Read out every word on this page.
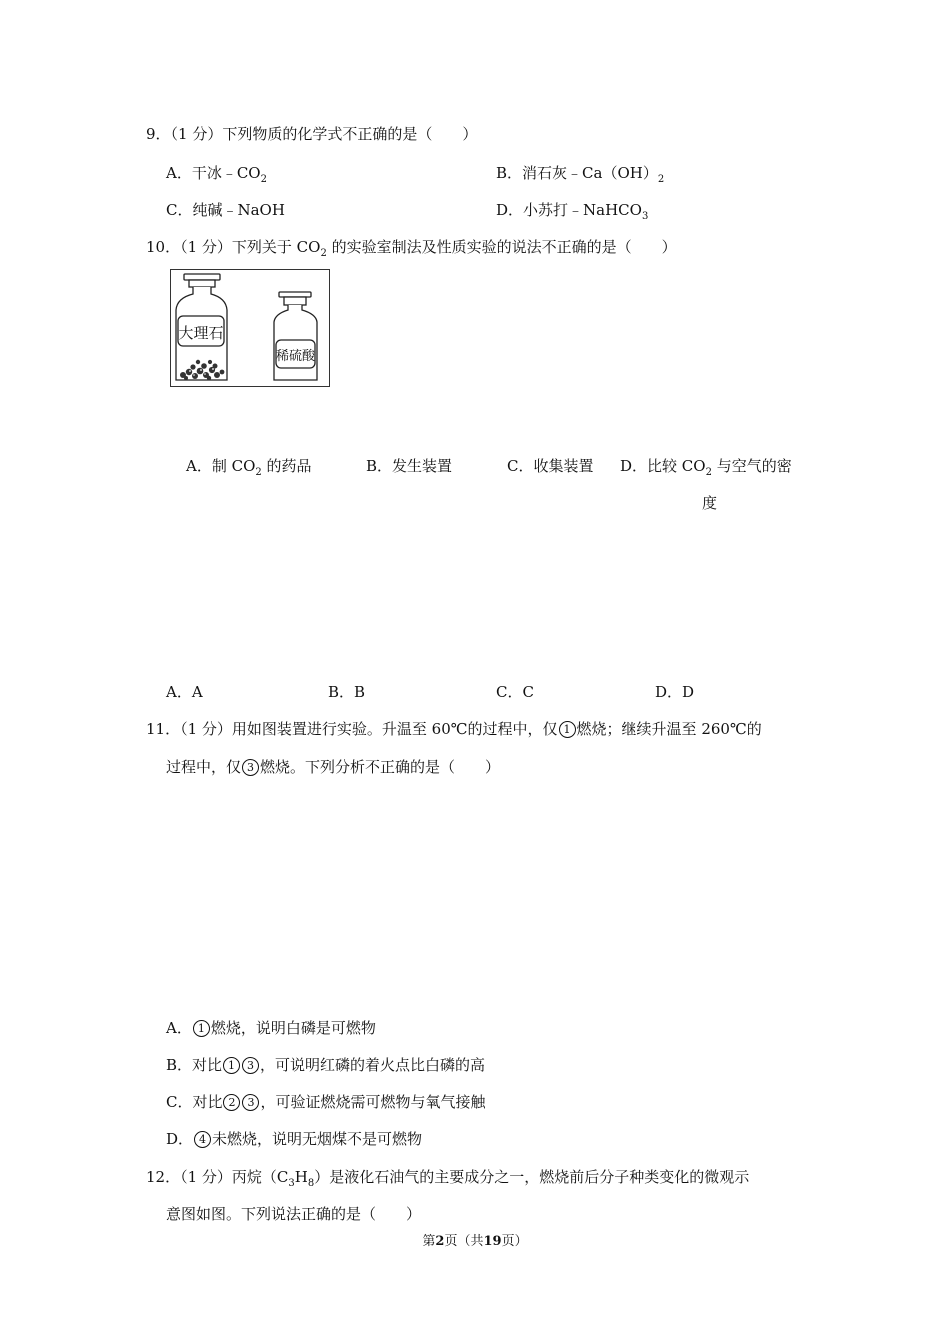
9．（1 分）下列物质的化学式不正确的是（　　）
A．干冰$﹣CO_2$	B．消石灰$﹣Ca(OH)_2$
C．纯碱﹣NaOH	D．小苏打﹣NaHCO$_3$
10．（1 分）下列关于 $CO_2$ 的实验室制法及性质实验的说法不正确的是（　　）
大理石
稀硫酸
A．制 $CO_2$ 的药品	B．发生装置	C．收集装置 D．比较 $CO_2$ 与空气的密
度
A．A	B．B	C．C	D．D
11．（1 分）用如图装置进行实验。升温至 60℃的过程中，仅 1 燃烧；继续升温至 260℃的
过程中，仅 3 燃烧。下列分析不正确的是（　　）
A． 1 燃烧，说明白磷是可燃物
B．对比 1 3 ，可说明红磷的着火点比白磷的高
C．对比 2 3 ，可验证燃烧需可燃物与氧气接触
D． 4 未燃烧，说明无烟煤不是可燃物
12．（1 分）丙烷$(C_3H_8)$是液化石油气的主要成分之一，燃烧前后分子种类变化的微观示
意图如图。下列说法正确的是（　　）
第2页（共19页）
